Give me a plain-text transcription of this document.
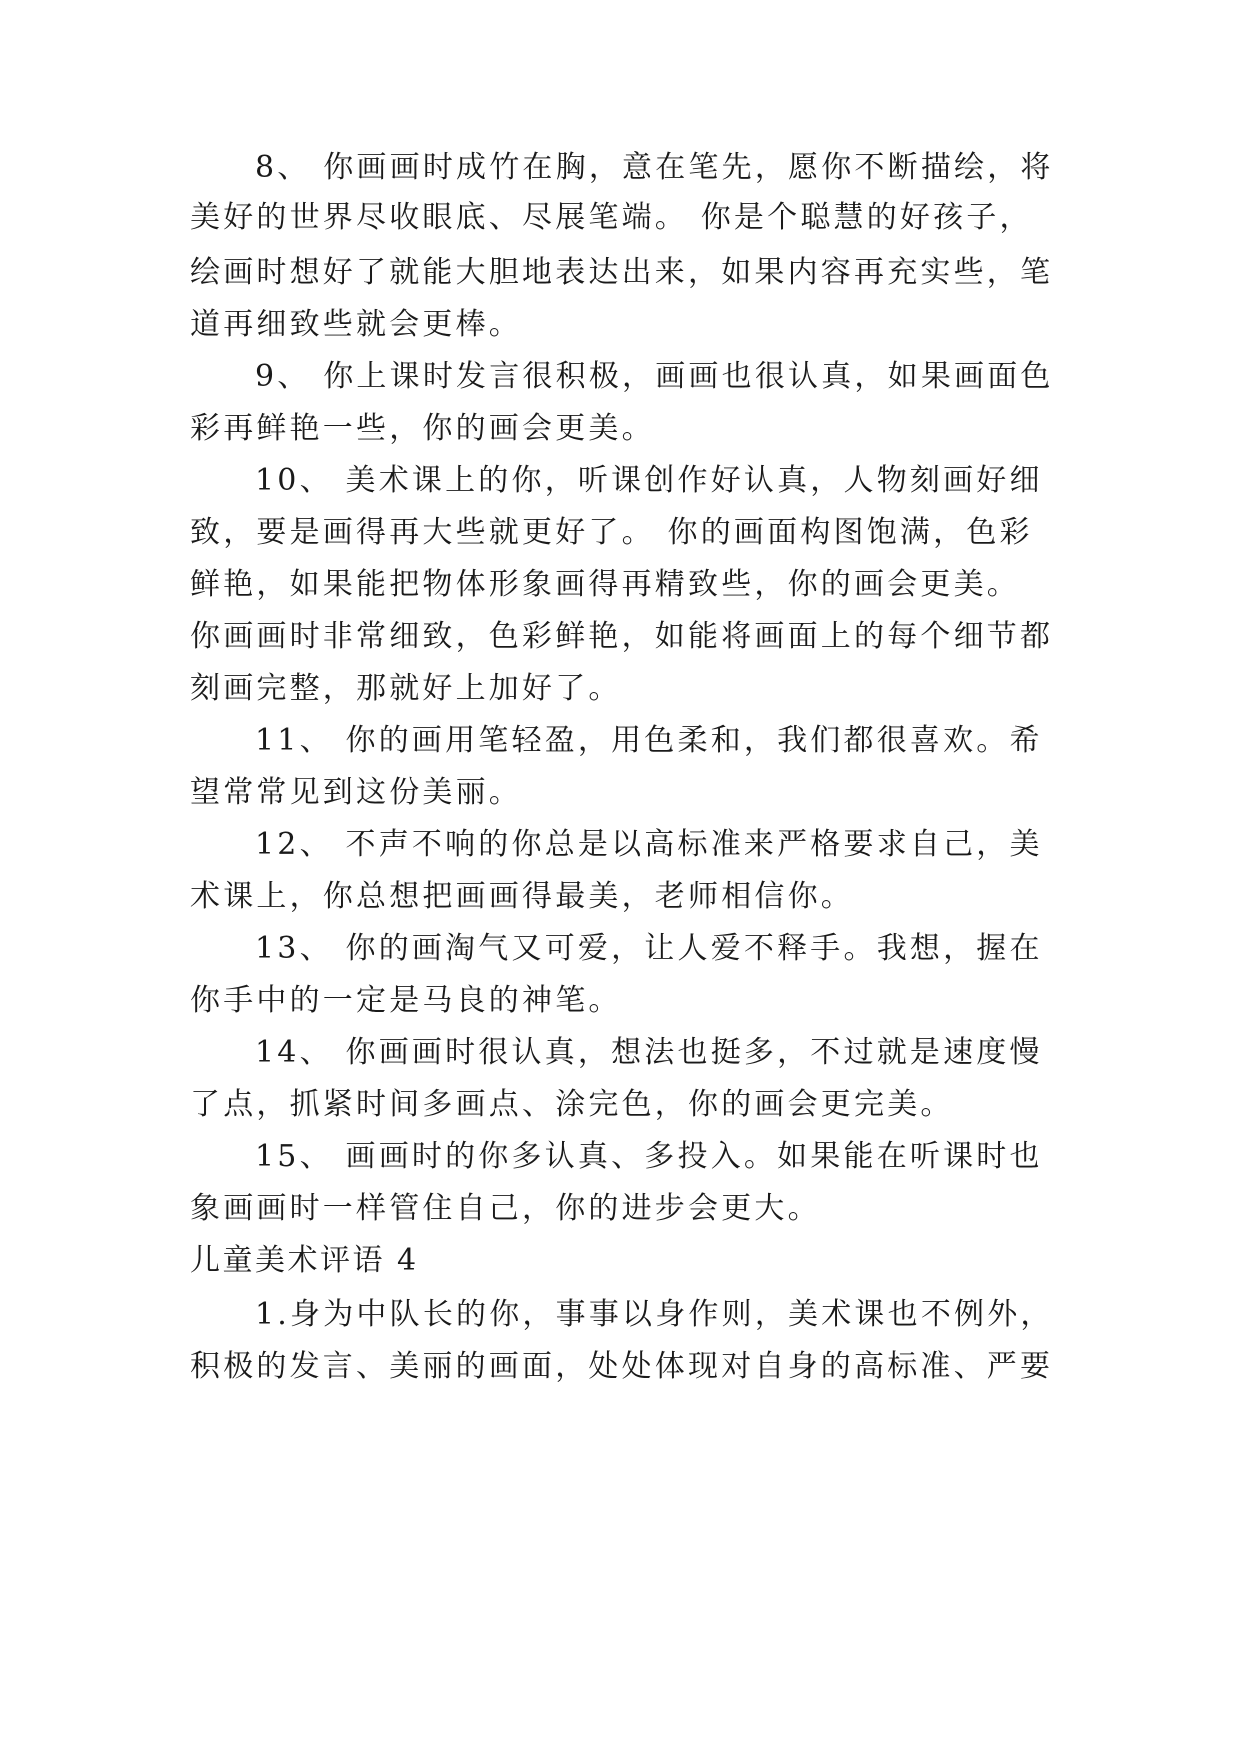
8、 你画画时成竹在胸，意在笔先，愿你不断描绘，将
美好的世界尽收眼底、尽展笔端。 你是个聪慧的好孩子，
绘画时想好了就能大胆地表达出来，如果内容再充实些，笔
道再细致些就会更棒。
9、 你上课时发言很积极，画画也很认真，如果画面色
彩再鲜艳一些，你的画会更美。
10、 美术课上的你，听课创作好认真，人物刻画好细
致，要是画得再大些就更好了。 你的画面构图饱满，色彩
鲜艳，如果能把物体形象画得再精致些，你的画会更美。
你画画时非常细致，色彩鲜艳，如能将画面上的每个细节都
刻画完整，那就好上加好了。
11、 你的画用笔轻盈，用色柔和，我们都很喜欢。希
望常常见到这份美丽。
12、 不声不响的你总是以高标准来严格要求自己，美
术课上，你总想把画画得最美，老师相信你。
13、 你的画淘气又可爱，让人爱不释手。我想，握在
你手中的一定是马良的神笔。
14、 你画画时很认真，想法也挺多，不过就是速度慢
了点，抓紧时间多画点、涂完色，你的画会更完美。
15、 画画时的你多认真、多投入。如果能在听课时也
象画画时一样管住自己，你的进步会更大。
儿童美术评语 4
1.身为中队长的你，事事以身作则，美术课也不例外，
积极的发言、美丽的画面，处处体现对自身的高标准、严要
